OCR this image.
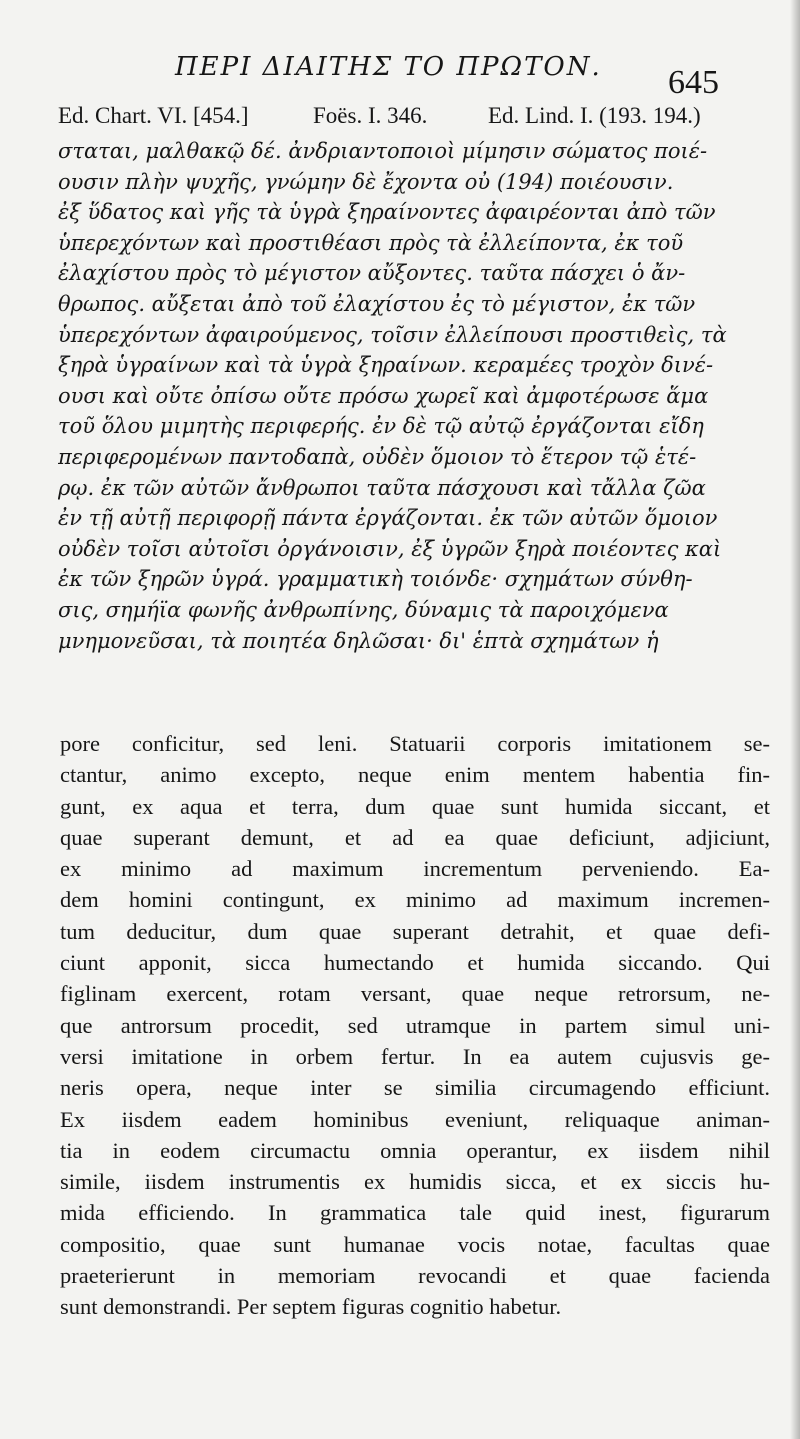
ΠΕΡΙ ΔΙΑΙΤΗΣ ΤΟ ΠΡΩΤΟΝ. 645
Ed. Chart. VI. [454.]	Foës. I. 346.	Ed. Lind. I. (193. 194.)
σταται, μαλθακῷ δέ. ἀνδριαντοποιοὶ μίμησιν σώματος ποιέ-
ουσιν πλὴν ψυχῆς, γνώμην δὲ ἔχοντα οὐ (194) ποιέουσιν.
ἐξ ὕδατος καὶ γῆς τὰ ὑγρὰ ξηραίνοντες ἀφαιρέονται ἀπὸ τῶν
ὑπερεχόντων καὶ προστιθέασι πρὸς τὰ ἐλλείποντα, ἐκ τοῦ
ἐλαχίστου πρὸς τὸ μέγιστον αὔξοντες. ταῦτα πάσχει ὁ ἄν-
θρωπος. αὔξεται ἀπὸ τοῦ ἐλαχίστου ἐς τὸ μέγιστον, ἐκ τῶν
ὑπερεχόντων ἀφαιρούμενος, τοῖσιν ἐλλείπουσι προστιθεὶς, τὰ
ξηρὰ ὑγραίνων καὶ τὰ ὑγρὰ ξηραίνων. κεραμέες τροχὸν δινέ-
ουσι καὶ οὔτε ὀπίσω οὔτε πρόσω χωρεῖ καὶ ἀμφοτέρωσε ἅμα
τοῦ ὅλου μιμητὴς περιφερής. ἐν δὲ τῷ αὐτῷ ἐργάζονται εἴδη
περιφερομένων παντοδαπὰ, οὐδὲν ὅμοιον τὸ ἕτερον τῷ ἑτέ-
ρῳ. ἐκ τῶν αὐτῶν ἄνθρωποι ταῦτα πάσχουσι καὶ τἄλλα ζῶα
ἐν τῇ αὐτῇ περιφορῇ πάντα ἐργάζονται. ἐκ τῶν αὐτῶν ὅμοιον
οὐδὲν τοῖσι αὐτοῖσι ὀργάνοισιν, ἐξ ὑγρῶν ξηρὰ ποιέοντες καὶ
ἐκ τῶν ξηρῶν ὑγρά. γραμματικὴ τοιόνδε· σχημάτων σύνθη-
σις, σημήϊα φωνῆς ἀνθρωπίνης, δύναμις τὰ παροιχόμενα
μνημονεῦσαι, τὰ ποιητέα δηλῶσαι· δι' ἑπτὰ σχημάτων ἡ
pore conficitur, sed leni. Statuarii corporis imitationem se-
ctantur, animo excepto, neque enim mentem habentia fin-
gunt, ex aqua et terra, dum quae sunt humida siccant, et
quae superant demunt, et ad ea quae deficiunt, adjiciunt,
ex minimo ad maximum incrementum perveniendo. Ea-
dem homini contingunt, ex minimo ad maximum incremen-
tum deducitur, dum quae superant detrahit, et quae defi-
ciunt apponit, sicca humectando et humida siccando. Qui
figlinam exercent, rotam versant, quae neque retrorsum, ne-
que antrorsum procedit, sed utramque in partem simul uni-
versi imitatione in orbem fertur. In ea autem cujusvis ge-
neris opera, neque inter se similia circumagendo efficiunt.
Ex iisdem eadem hominibus eveniunt, reliquaque animan-
tia in eodem circumactu omnia operantur, ex iisdem nihil
simile, iisdem instrumentis ex humidis sicca, et ex siccis hu-
mida efficiendo. In grammatica tale quid inest, figurarum
compositio, quae sunt humanae vocis notae, facultas quae
praeterierunt in memoriam revocandi et quae facienda
sunt demonstrandi. Per septem figuras cognitio habetur.
